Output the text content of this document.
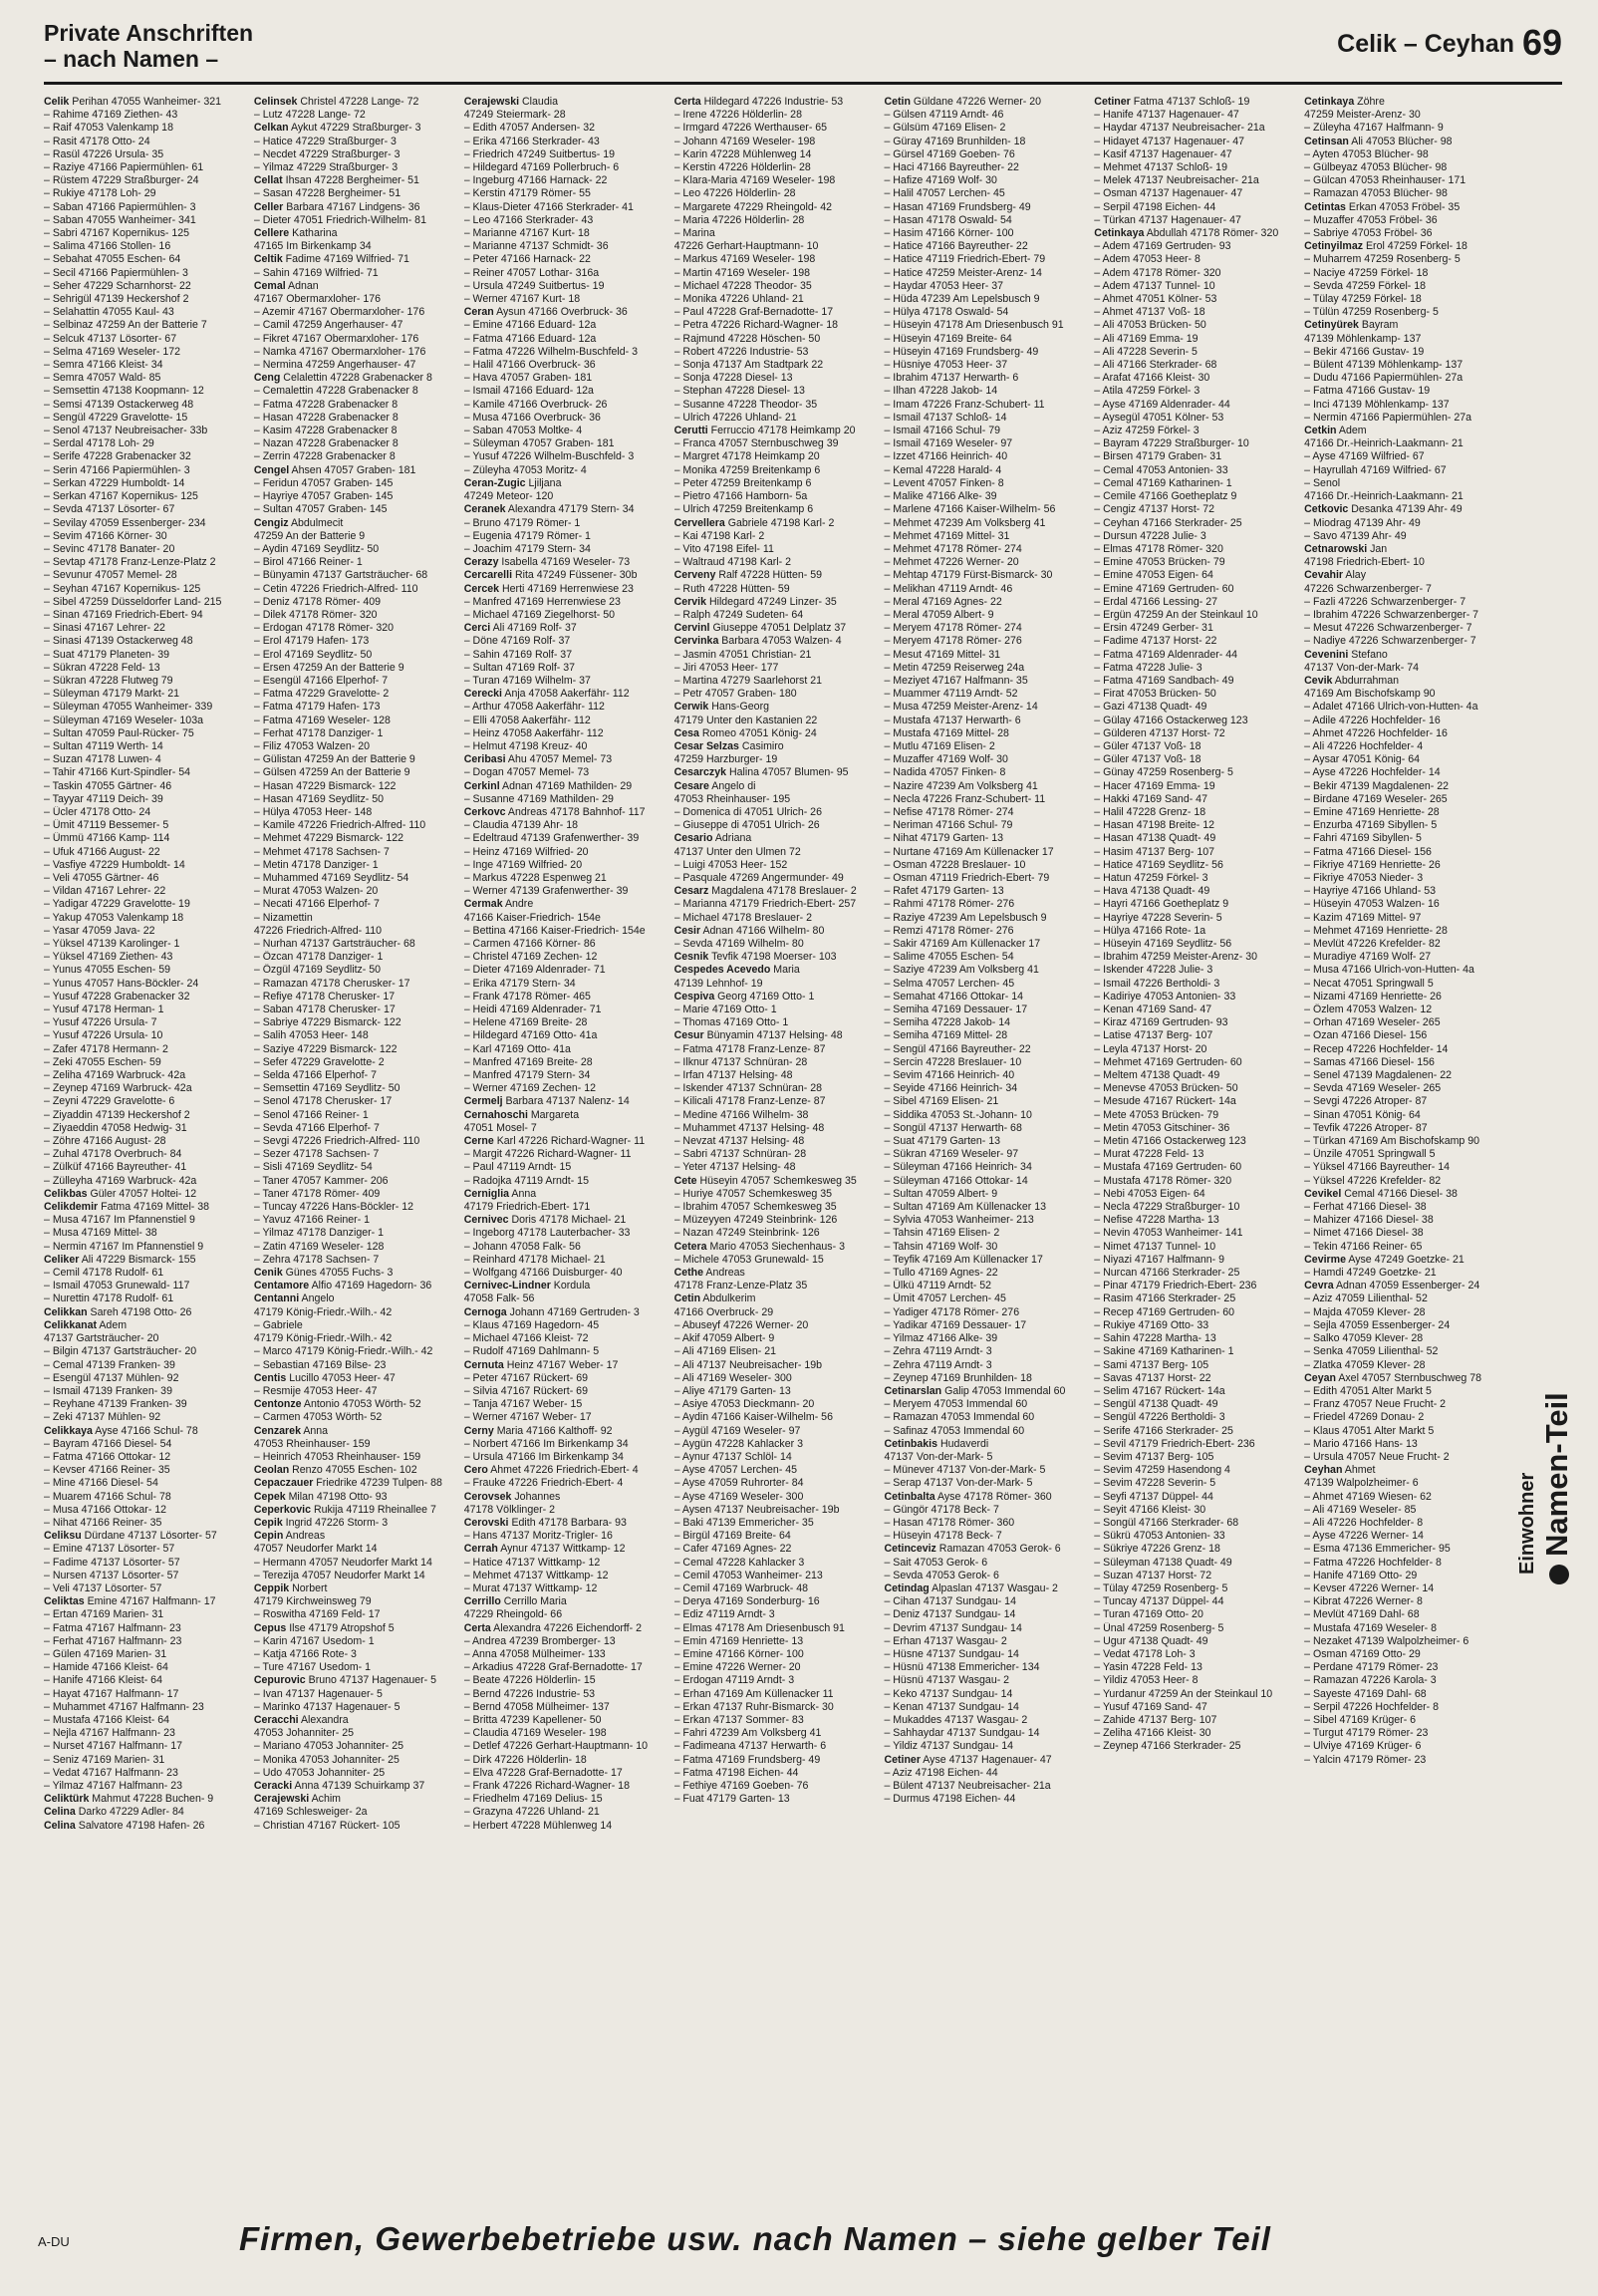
Private Anschriften
– nach Namen –
Celik – Ceyhan 69
Celik Perihan 47055 Wanheimer- 321
– Rahime 47169 Ziethen- 43
– Raif 47053 Valenkamp 18
– Rasit 47178 Otto- 24
– Rasül 47226 Ursula- 35
– Raziye 47166 Papiermühlen- 61
– Rüstem 47229 Straßburger- 24
– Rukiye 47178 Loh- 29
– Saban 47166 Papiermühlen- 3
– Saban 47055 Wanheimer- 341
– Sabri 47167 Kopernikus- 125
– Salima 47166 Stollen- 16
– Sebahat 47055 Eschen- 64
– Secil 47166 Papiermühlen- 3
– Seher 47229 Scharnhorst- 22
– Sehrigül 47139 Heckershof 2
– Selahattin 47055 Kaul- 43
– Selbinaz 47259 An der Batterie 7
– Selcuk 47137 Lösorter- 67
– Selma 47169 Weseler- 172
– Semra 47166 Kleist- 34
– Semra 47057 Wald- 85
– Semsettin 47138 Koopmann- 12
– Semsi 47139 Ostackerweg 48
– Sengül 47229 Gravelotte- 15
– Senol 47137 Neubreisacher- 33b
– Serdal 47178 Loh- 29
– Serife 47228 Grabenacker 32
– Serin 47166 Papiermühlen- 3
– Serkan 47229 Humboldt- 14
– Serkan 47167 Kopernikus- 125
– Sevda 47137 Lösorter- 67
– Sevilay 47059 Essenberger- 234
– Sevim 47166 Körner- 30
– Sevinc 47178 Banater- 20
– Sevtap 47178 Franz-Lenze-Platz 2
– Sevunur 47057 Memel- 28
– Seyhan 47167 Kopernikus- 125
– Sibel 47259 Düsseldorfer Land- 215
– Sinan 47169 Friedrich-Ebert- 94
– Sinasi 47167 Lehrer- 22
– Sinasi 47139 Ostackerweg 48
– Suat 47179 Planeten- 39
– Sükran 47228 Feld- 13
– Sükran 47228 Flutweg 79
– Süleyman 47179 Markt- 21
– Süleyman 47055 Wanheimer- 339
– Süleyman 47169 Weseler- 103a
– Sultan 47059 Paul-Rücker- 75
– Sultan 47119 Werth- 14
– Suzan 47178 Luwen- 4
– Tahir 47166 Kurt-Spindler- 54
– Taskin 47055 Gärtner- 46
– Tayyar 47119 Deich- 39
– Ücler 47178 Otto- 24
– Ümit 47119 Bessemer- 5
– Ümmü 47166 Kamp- 114
– Ufuk 47166 August- 22
– Vasfiye 47229 Humboldt- 14
– Veli 47055 Gärtner- 46
– Vildan 47167 Lehrer- 22
– Yadigar 47229 Gravelotte- 19
– Yakup 47053 Valenkamp 18
– Yasar 47059 Java- 22
– Yüksel 47139 Karolinger- 1
– Yüksel 47169 Ziethen- 43
– Yunus 47055 Eschen- 59
– Yunus 47057 Hans-Böckler- 24
– Yusuf 47228 Grabenacker 32
– Yusuf 47178 Herman- 1
– Yusuf 47226 Ursula- 7
– Yusuf 47226 Ursula- 10
– Zafer 47178 Hermann- 2
– Zeki 47055 Eschen- 59
– Zeliha 47169 Warbruck- 42a
– Zeynep 47169 Warbruck- 42a
– Zeyni 47229 Gravelotte- 6
– Ziyaddin 47139 Heckershof 2
– Ziyaeddin 47058 Hedwig- 31
– Zöhre 47166 August- 28
– Zuhal 47178 Overbruch- 84
– Zülküf 47166 Bayreuther- 41
– Zülleyha 47169 Warbruck- 42a
Celikbas Güler 47057 Holtei- 12
Celikdemir Fatma 47169 Mittel- 38
– Musa 47167 Im Pfannenstiel 9
– Musa 47169 Mittel- 38
– Nermin 47167 Im Pfannenstiel 9
Celiker Ali 47229 Bismarck- 155
– Cemil 47178 Rudolf- 61
– Ismail 47053 Grunewald- 117
– Nurettin 47178 Rudolf- 61
Celikkan Sareh 47198 Otto- 26
Celikkanat Adem
47137 Gartsträucher- 20
– Bilgin 47137 Gartsträucher- 20
– Cemal 47139 Franken- 39
– Esengül 47137 Mühlen- 92
– Ismail 47139 Franken- 39
– Reyhane 47139 Franken- 39
– Zeki 47137 Mühlen- 92
Celikkaya Ayse 47166 Schul- 78
– Bayram 47166 Diesel- 54
– Fatma 47166 Ottokar- 12
– Kevser 47166 Reiner- 35
– Mine 47166 Diesel- 54
– Muarem 47166 Schul- 78
– Musa 47166 Ottokar- 12
– Nihat 47166 Reiner- 35
Celiksu Dürdane 47137 Lösorter- 57
– Emine 47137 Lösorter- 57
– Fadime 47137 Lösorter- 57
– Nursen 47137 Lösorter- 57
– Veli 47137 Lösorter- 57
Celiktas Emine 47167 Halfmann- 17
– Ertan 47169 Marien- 31
– Fatma 47167 Halfmann- 23
– Ferhat 47167 Halfmann- 23
– Gülen 47169 Marien- 31
– Hamide 47166 Kleist- 64
– Hanife 47166 Kleist- 64
– Hayat 47167 Halfmann- 17
– Muhammet 47167 Halfmann- 23
– Mustafa 47166 Kleist- 64
– Nejla 47167 Halfmann- 23
– Nurset 47167 Halfmann- 17
– Seniz 47169 Marien- 31
– Vedat 47167 Halfmann- 23
– Yilmaz 47167 Halfmann- 23
Celiktürk Mahmut 47228 Buchen- 9
Celina Darko 47229 Adler- 84
Celina Salvatore 47198 Hafen- 26
Celinsek Christel 47228 Lange- 72
– Lutz 47228 Lange- 72
Celkan Aykut 47229 Straßburger- 3
– Hatice 47229 Straßburger- 3
– Necdet 47229 Straßburger- 3
– Yilmaz 47229 Straßburger- 3
Cellat Ihsan 47228 Bergheimer- 51
– Sasan 47228 Bergheimer- 51
Celler Barbara 47167 Lindgens- 36
– Dieter 47051 Friedrich-Wilhelm- 81
Cellere Katharina
47165 Im Birkenkamp 34
Celtik Fadime 47169 Wilfried- 71
– Sahin 47169 Wilfried- 71
Cemal Adnan
47167 Obermarxloher- 176
– Azemir 47167 Obermarxloher- 176
– Camil 47259 Angerhauser- 47
– Fikret 47167 Obermarxloher- 176
– Namka 47167 Obermarxloher- 176
– Nermina 47259 Angerhauser- 47
Ceng Celalettin 47228 Grabenacker 8
– Cemalettin 47228 Grabenacker 8
– Fatma 47228 Grabenacker 8
– Hasan 47228 Grabenacker 8
– Kasim 47228 Grabenacker 8
– Nazan 47228 Grabenacker 8
– Zerrin 47228 Grabenacker 8
Cengel Ahsen 47057 Graben- 181
– Feridun 47057 Graben- 145
– Hayriye 47057 Graben- 145
– Sultan 47057 Graben- 145
Cengiz Abdulmecit
47259 An der Batterie 9
– Aydin 47169 Seydlitz- 50
– Birol 47166 Reiner- 1
– Bünyamin 47137 Gartsträucher- 68
– Cetin 47226 Friedrich-Alfred- 110
– Deniz 47178 Römer- 409
– Dilek 47178 Römer- 320
– Erdogan 47178 Römer- 320
– Erol 47179 Hafen- 173
– Erol 47169 Seydlitz- 50
– Ersen 47259 An der Batterie 9
– Esengül 47166 Elperhof- 7
– Fatma 47229 Gravelotte- 2
– Fatma 47179 Hafen- 173
– Fatma 47169 Weseler- 128
– Ferhat 47178 Danziger- 1
– Filiz 47053 Walzen- 20
– Gülistan 47259 An der Batterie 9
– Gülsen 47259 An der Batterie 9
– Hasan 47229 Bismarck- 122
– Hasan 47169 Seydlitz- 50
– Hülya 47053 Heer- 148
– Kamile 47226 Friedrich-Alfred- 110
– Mehmet 47229 Bismarck- 122
– Mehmet 47178 Sachsen- 7
– Metin 47178 Danziger- 1
– Muhammed 47169 Seydlitz- 54
– Murat 47053 Walzen- 20
– Necati 47166 Elperhof- 7
– Nizamettin
47226 Friedrich-Alfred- 110
– Nurhan 47137 Gartsträucher- 68
– Özcan 47178 Danziger- 1
– Özgül 47169 Seydlitz- 50
– Ramazan 47178 Cherusker- 17
– Refiye 47178 Cherusker- 17
– Saban 47178 Cherusker- 17
– Sabriye 47229 Bismarck- 122
– Salih 47053 Heer- 148
– Saziye 47229 Bismarck- 122
– Sefer 47229 Gravelotte- 2
– Selda 47166 Elperhof- 7
– Semsettin 47169 Seydlitz- 50
– Senol 47178 Cherusker- 17
– Senol 47166 Reiner- 1
– Sevda 47166 Elperhof- 7
– Sevgi 47226 Friedrich-Alfred- 110
– Sezer 47178 Sachsen- 7
– Sisli 47169 Seydlitz- 54
– Taner 47057 Kammer- 206
– Taner 47178 Römer- 409
– Tuncay 47226 Hans-Böckler- 12
– Yavuz 47166 Reiner- 1
– Yilmaz 47178 Danziger- 1
– Zatin 47169 Weseler- 128
– Zehra 47178 Sachsen- 7
Cenik Günes 47055 Fuchs- 3
Centamore Alfio 47169 Hagedorn- 36
Centanni Angelo
47179 König-Friedr.-Wilh.- 42
– Gabriele
47179 König-Friedr.-Wilh.- 42
– Marco 47179 König-Friedr.-Wilh.- 42
– Sebastian 47169 Bilse- 23
Centis Lucillo 47053 Heer- 47
– Resmije 47053 Heer- 47
Centonze Antonio 47053 Wörth- 52
– Carmen 47053 Wörth- 52
Cenzarek Anna
47053 Rheinhauser- 159
– Heinrich 47053 Rheinhauser- 159
Ceolan Renzo 47055 Eschen- 102
Cepaczauer Friedrike 47239 Tulpen- 88
Cepek Milan 47198 Otto- 93
Ceperkovic Rukija 47119 Rheinallee 7
Cepik Ingrid 47226 Storm- 3
Cepin Andreas
47057 Neudorfer Markt 14
– Hermann 47057 Neudorfer Markt 14
– Terezija 47057 Neudorfer Markt 14
Ceppik Norbert
47179 Kirchweinsweg 79
– Roswitha 47169 Feld- 17
Cepus Ilse 47179 Atropshof 5
– Karin 47167 Usedom- 1
– Katja 47166 Rote- 3
– Ture 47167 Usedom- 1
Cepurovic Bruno 47137 Hagenauer- 5
– Ivan 47137 Hagenauer- 5
– Marinko 47137 Hagenauer- 5
Ceracchi Alexandra
47053 Johanniter- 25
– Mariano 47053 Johanniter- 25
– Monika 47053 Johanniter- 25
– Udo 47053 Johanniter- 25
Ceracki Anna 47139 Schuirkamp 37
Cerajewski Achim
47169 Schlesweiger- 2a
– Christian 47167 Rückert- 105
Cerajewski Claudia
47249 Steiermark- 28
– Edith 47057 Andersen- 32
– Erika 47166 Sterkrader- 43
– Friedrich 47249 Suitbertus- 19
– Hildegard 47169 Pollerbruch- 6
– Ingeburg 47166 Harnack- 22
– Kerstin 47179 Römer- 55
– Klaus-Dieter 47166 Sterkrader- 41
– Leo 47166 Sterkrader- 43
– Marianne 47167 Kurt- 18
– Marianne 47137 Schmidt- 36
– Peter 47166 Harnack- 22
– Reiner 47057 Lothar- 316a
– Ursula 47249 Suitbertus- 19
– Werner 47167 Kurt- 18
Ceran Aysun 47166 Overbruck- 36
– Emine 47166 Eduard- 12a
– Fatma 47166 Eduard- 12a
– Fatma 47226 Wilhelm-Buschfeld- 3
– Halil 47166 Overbruck- 36
– Hava 47057 Graben- 181
– Ismail 47166 Eduard- 12a
– Kamile 47166 Overbruck- 26
– Musa 47166 Overbruck- 36
– Saban 47053 Moltke- 4
– Süleyman 47057 Graben- 181
– Yusuf 47226 Wilhelm-Buschfeld- 3
– Züleyha 47053 Moritz- 4
Ceran-Zugic Ljiljana
47249 Meteor- 120
Ceranek Alexandra 47179 Stern- 34
– Bruno 47179 Römer- 1
– Eugenia 47179 Römer- 1
– Joachim 47179 Stern- 34
Cerazy Isabella 47169 Weseler- 73
Cercarelli Rita 47249 Füssener- 30b
Cercek Herti 47169 Herrenwiese 23
– Manfred 47169 Herrenwiese 23
– Michael 47169 Ziegelhorst- 50
Cerci Ali 47169 Rolf- 37
– Döne 47169 Rolf- 37
– Sahin 47169 Rolf- 37
– Sultan 47169 Rolf- 37
– Turan 47169 Wilhelm- 37
Cerecki Anja 47058 Aakerfähr- 112
– Arthur 47058 Aakerfähr- 112
– Elli 47058 Aakerfähr- 112
– Heinz 47058 Aakerfähr- 112
– Helmut 47198 Kreuz- 40
Ceribasi Ahu 47057 Memel- 73
– Dogan 47057 Memel- 73
Cerkinl Adnan 47169 Mathilden- 29
– Susanne 47169 Mathilden- 29
Cerkovc Andreas 47178 Bahnhof- 117
– Claudia 47139 Ahr- 18
– Edeltraud 47139 Grafenwerther- 39
– Heinz 47169 Wilfried- 20
– Inge 47169 Wilfried- 20
– Markus 47228 Espenweg 21
– Werner 47139 Grafenwerther- 39
Cermak Andre
47166 Kaiser-Friedrich- 154e
– Bettina 47166 Kaiser-Friedrich- 154e
– Carmen 47166 Körner- 86
– Christel 47169 Zechen- 12
– Dieter 47169 Aldenrader- 71
– Erika 47179 Stern- 34
– Frank 47178 Römer- 465
– Heidi 47169 Aldenrader- 71
– Helene 47169 Breite- 28
– Hildegard 47169 Otto- 41a
– Karl 47169 Otto- 41a
– Manfred 47169 Breite- 28
– Manfred 47179 Stern- 34
– Werner 47169 Zechen- 12
Cermelj Barbara 47137 Nalenz- 14
Cernahoschi Margareta
47051 Mosel- 7
Cerne Karl 47226 Richard-Wagner- 11
– Margit 47226 Richard-Wagner- 11
– Paul 47119 Arndt- 15
– Radojka 47119 Arndt- 15
Cerniglia Anna
47179 Friedrich-Ebert- 171
Cernivec Doris 47178 Michael- 21
– Ingeborg 47178 Lauterbacher- 33
– Johann 47058 Falk- 56
– Reinhard 47178 Michael- 21
– Wolfgang 47166 Duisburger- 40
Cernivec-Lindner Kordula
47058 Falk- 56
Cernoga Johann 47169 Gertruden- 3
– Klaus 47169 Hagedorn- 45
– Michael 47166 Kleist- 72
– Rudolf 47169 Dahlmann- 5
Cernuta Heinz 47167 Weber- 17
– Peter 47167 Rückert- 69
– Silvia 47167 Rückert- 69
– Tanja 47167 Weber- 15
– Werner 47167 Weber- 17
Cerny Maria 47166 Kalthoff- 92
– Norbert 47166 Im Birkenkamp 34
– Ursula 47166 Im Birkenkamp 34
Cero Ahmet 47226 Friedrich-Ebert- 4
– Frauke 47226 Friedrich-Ebert- 4
Cerovsek Johannes
47178 Völklinger- 2
Cerovski Edith 47178 Barbara- 93
– Hans 47137 Moritz-Trigler- 16
Cerrah Aynur 47137 Wittkamp- 12
– Hatice 47137 Wittkamp- 12
– Mehmet 47137 Wittkamp- 12
– Murat 47137 Wittkamp- 12
Cerrillo Cerrillo Maria
47229 Rheingold- 66
Certa Alexandra 47226 Eichendorff- 2
– Andrea 47239 Bromberger- 13
– Anna 47058 Mülheimer- 133
– Arkadius 47228 Graf-Bernadotte- 17
– Beate 47226 Hölderlin- 15
– Bernd 47226 Industrie- 53
– Bernd 47058 Mülheimer- 137
– Britta 47239 Kapellener- 50
– Claudia 47169 Weseler- 198
– Detlef 47226 Gerhart-Hauptmann- 10
– Dirk 47226 Hölderlin- 18
– Elva 47228 Graf-Bernadotte- 17
– Frank 47226 Richard-Wagner- 18
– Friedhelm 47169 Delius- 15
– Grazyna 47226 Uhland- 21
– Herbert 47228 Mühlenweg 14
Certa Hildegard 47226 Industrie- 53
– Irene 47226 Hölderlin- 28
– Irmgard 47226 Werthauser- 65
– Johann 47169 Weseler- 198
– Karin 47228 Mühlenweg 14
– Kerstin 47226 Hölderlin- 28
– Klara-Maria 47169 Weseler- 198
– Leo 47226 Hölderlin- 28
– Margarete 47229 Rheingold- 42
– Maria 47226 Hölderlin- 28
– Marina
47226 Gerhart-Hauptmann- 10
– Markus 47169 Weseler- 198
– Martin 47169 Weseler- 198
– Michael 47228 Theodor- 35
– Monika 47226 Uhland- 21
– Paul 47228 Graf-Bernadotte- 17
– Petra 47226 Richard-Wagner- 18
– Rajmund 47228 Höschen- 50
– Robert 47226 Industrie- 53
– Sonja 47137 Am Stadtpark 22
– Sonja 47228 Diesel- 13
– Stephan 47228 Diesel- 13
– Susanne 47228 Theodor- 35
– Ulrich 47226 Uhland- 21
Cerutti Ferruccio 47178 Heimkamp 20
– Franca 47057 Sternbuschweg 39
– Margret 47178 Heimkamp 20
– Monika 47259 Breitenkamp 6
– Peter 47259 Breitenkamp 6
– Pietro 47166 Hamborn- 5a
– Ulrich 47259 Breitenkamp 6
Cervellera Gabriele 47198 Karl- 2
– Kai 47198 Karl- 2
– Vito 47198 Eifel- 11
– Waltraud 47198 Karl- 2
Cerveny Ralf 47228 Hütten- 59
– Ruth 47228 Hütten- 59
Cervik Hildegard 47249 Linzer- 35
– Ralph 47249 Sudeten- 64
Cervinl Giuseppe 47051 Delplatz 37
Cervinka Barbara 47053 Walzen- 4
– Jasmin 47051 Christian- 21
– Jiri 47053 Heer- 177
– Martina 47279 Saarlehorst 21
– Petr 47057 Graben- 180
Cerwik Hans-Georg
47179 Unter den Kastanien 22
Cesa Romeo 47051 König- 24
Cesar Selzas Casimiro
47259 Harzburger- 19
Cesarczyk Halina 47057 Blumen- 95
Cesare Angelo di
47053 Rheinhauser- 195
– Domenica di 47051 Ulrich- 26
– Giuseppe di 47051 Ulrich- 26
Cesario Adriana
47137 Unter den Ulmen 72
– Luigi 47053 Heer- 152
– Pasquale 47269 Angermunder- 49
Cesarz Magdalena 47178 Breslauer- 2
– Marianna 47179 Friedrich-Ebert- 257
– Michael 47178 Breslauer- 2
Cesir Adnan 47166 Wilhelm- 80
– Sevda 47169 Wilhelm- 80
Cesnik Tevfik 47198 Moerser- 103
Cespedes Acevedo Maria
47139 Lehnhof- 19
Cespiva Georg 47169 Otto- 1
– Marie 47169 Otto- 1
– Thomas 47169 Otto- 1
Cesur Bünyamin 47137 Helsing- 48
– Fatma 47178 Franz-Lenze- 87
– Ilknur 47137 Schnüran- 28
– Irfan 47137 Helsing- 48
– Iskender 47137 Schnüran- 28
– Kilicali 47178 Franz-Lenze- 87
– Medine 47166 Wilhelm- 38
– Muhammet 47137 Helsing- 48
– Nevzat 47137 Helsing- 48
– Sabri 47137 Schnüran- 28
– Yeter 47137 Helsing- 48
Cete Hüseyin 47057 Schemkesweg 35
– Huriye 47057 Schemkesweg 35
– Ibrahim 47057 Schemkesweg 35
– Müzeyyen 47249 Steinbrink- 126
– Nazan 47249 Steinbrink- 126
Cetera Mario 47053 Siechenhaus- 3
– Michele 47053 Grunewald- 15
Cethe Andreas
47178 Franz-Lenze-Platz 35
Cetin Abdulkerim
47166 Overbruck- 29
– Abuseyf 47226 Werner- 20
– Akif 47059 Albert- 9
– Ali 47169 Elisen- 21
– Ali 47137 Neubreisacher- 19b
– Ali 47169 Weseler- 300
– Aliye 47179 Garten- 13
– Asiye 47053 Dieckmann- 20
– Aydin 47166 Kaiser-Wilhelm- 56
– Aygül 47169 Weseler- 97
– Aygün 47228 Kahlacker 3
– Aynur 47137 Schlöl- 14
– Ayse 47057 Lerchen- 45
– Ayse 47059 Ruhrorter- 84
– Ayse 47169 Weseler- 300
– Aysen 47137 Neubreisacher- 19b
– Baki 47139 Emmericher- 35
– Birgül 47169 Breite- 64
– Cafer 47169 Agnes- 22
– Cemal 47228 Kahlacker 3
– Cemil 47053 Wanheimer- 213
– Cemil 47169 Warbruck- 48
– Derya 47169 Sonderburg- 16
– Ediz 47119 Arndt- 3
– Elmas 47178 Am Driesenbusch 91
– Emin 47169 Henriette- 13
– Emine 47166 Körner- 100
– Emine 47226 Werner- 20
– Erdogan 47119 Arndt- 3
– Erhan 47169 Am Küllenacker 11
– Erkan 47137 Ruhr-Bismarck- 30
– Erkan 47137 Sommer- 83
– Fahri 47239 Am Volksberg 41
– Fadimeana 47137 Herwarth- 6
– Fatma 47169 Frundsberg- 49
– Fatma 47198 Eichen- 44
– Fethiye 47169 Goeben- 76
– Fuat 47179 Garten- 13
Cetin Güldane 47226 Werner- 20
– Gülsen 47119 Arndt- 46
– Gülsüm 47169 Elisen- 2
– Güray 47169 Brunhilden- 18
– Gürsel 47169 Goeben- 76
– Haci 47166 Bayreuther- 22
– Hafize 47169 Wolf- 30
– Halil 47057 Lerchen- 45
– Hasan 47169 Frundsberg- 49
– Hasan 47178 Oswald- 54
– Hasim 47166 Körner- 100
– Hatice 47166 Bayreuther- 22
– Hatice 47119 Friedrich-Ebert- 79
– Hatice 47259 Meister-Arenz- 14
– Haydar 47053 Heer- 37
– Hüda 47239 Am Lepelsbusch 9
– Hülya 47178 Oswald- 54
– Hüseyin 47178 Am Driesenbusch 91
– Hüseyin 47169 Breite- 64
– Hüseyin 47169 Frundsberg- 49
– Hüsniye 47053 Heer- 37
– Ibrahim 47137 Herwarth- 6
– Ilhan 47228 Jakob- 14
– Imam 47226 Franz-Schubert- 11
– Ismail 47137 Schloß- 14
– Ismail 47166 Schul- 79
– Ismail 47169 Weseler- 97
– Izzet 47166 Heinrich- 40
– Kemal 47228 Harald- 4
– Levent 47057 Finken- 8
– Malike 47166 Alke- 39
– Marlene 47166 Kaiser-Wilhelm- 56
– Mehmet 47239 Am Volksberg 41
– Mehmet 47169 Mittel- 31
– Mehmet 47178 Römer- 274
– Mehmet 47226 Werner- 20
– Mehtap 47179 Fürst-Bismarck- 30
– Melikhan 47119 Arndt- 46
– Meral 47169 Agnes- 22
– Meral 47059 Albert- 9
– Meryem 47178 Römer- 274
– Meryem 47178 Römer- 276
– Mesut 47169 Mittel- 31
– Metin 47259 Reiserweg 24a
– Meziyet 47167 Halfmann- 35
– Muammer 47119 Arndt- 52
– Musa 47259 Meister-Arenz- 14
– Mustafa 47137 Herwarth- 6
– Mustafa 47169 Mittel- 28
– Mutlu 47169 Elisen- 2
– Muzaffer 47169 Wolf- 30
– Nadida 47057 Finken- 8
– Nazire 47239 Am Volksberg 41
– Necla 47226 Franz-Schubert- 11
– Nefise 47178 Römer- 274
– Neriman 47166 Schul- 79
– Nihat 47179 Garten- 13
– Nurtane 47169 Am Küllenacker 17
– Osman 47228 Breslauer- 10
– Osman 47119 Friedrich-Ebert- 79
– Rafet 47179 Garten- 13
– Rahmi 47178 Römer- 276
– Raziye 47239 Am Lepelsbusch 9
– Remzi 47178 Römer- 276
– Sakir 47169 Am Küllenacker 17
– Salime 47055 Eschen- 54
– Saziye 47239 Am Volksberg 41
– Selma 47057 Lerchen- 45
– Semahat 47166 Ottokar- 14
– Semiha 47169 Dessauer- 17
– Semiha 47228 Jakob- 14
– Semiha 47169 Mittel- 28
– Sengül 47166 Bayreuther- 22
– Sercin 47228 Breslauer- 10
– Sevim 47166 Heinrich- 40
– Seyide 47166 Heinrich- 34
– Sibel 47169 Elisen- 21
– Siddika 47053 St.-Johann- 10
– Songül 47137 Herwarth- 68
– Suat 47179 Garten- 13
– Sükran 47169 Weseler- 97
– Süleyman 47166 Heinrich- 34
– Süleyman 47166 Ottokar- 14
– Sultan 47059 Albert- 9
– Sultan 47169 Am Küllenacker 13
– Sylvia 47053 Wanheimer- 213
– Tahsin 47169 Elisen- 2
– Tahsin 47169 Wolf- 30
– Teyfik 47169 Am Küllenacker 17
– Tullo 47169 Agnes- 22
– Ülkü 47119 Arndt- 52
– Ümit 47057 Lerchen- 45
– Yadiger 47178 Römer- 276
– Yadikar 47169 Dessauer- 17
– Yilmaz 47166 Alke- 39
– Zehra 47119 Arndt- 3
– Zehra 47119 Arndt- 3
– Zeynep 47169 Brunhilden- 18
Cetinarslan Galip 47053 Immendal 60
– Meryem 47053 Immendal 60
– Ramazan 47053 Immendal 60
– Safinaz 47053 Immendal 60
Cetinbakis Hudaverdi
47137 Von-der-Mark- 5
– Münever 47137 Von-der-Mark- 5
– Serap 47137 Von-der-Mark- 5
Cetinbalta Ayse 47178 Römer- 360
– Güngör 47178 Beck- 7
– Hasan 47178 Römer- 360
– Hüseyin 47178 Beck- 7
Cetinceviz Ramazan 47053 Gerok- 6
– Sait 47053 Gerok- 6
– Sevda 47053 Gerok- 6
Cetindag Alpaslan 47137 Wasgau- 2
– Cihan 47137 Sundgau- 14
– Deniz 47137 Sundgau- 14
– Devrim 47137 Sundgau- 14
– Erhan 47137 Wasgau- 2
– Hüsne 47137 Sundgau- 14
– Hüsnü 47138 Emmericher- 134
– Hüsnü 47137 Wasgau- 2
– Keko 47137 Sundgau- 14
– Kenan 47137 Sundgau- 14
– Mukaddes 47137 Wasgau- 2
– Sahhaydar 47137 Sundgau- 14
– Yildiz 47137 Sundgau- 14
Cetiner Ayse 47137 Hagenauer- 47
– Aziz 47198 Eichen- 44
– Bülent 47137 Neubreisacher- 21a
– Durmus 47198 Eichen- 44
Cetiner Fatma 47137 Schloß- 19
– Hanife 47137 Hagenauer- 47
– Haydar 47137 Neubreisacher- 21a
– Hidayet 47137 Hagenauer- 47
– Kasif 47137 Hagenauer- 47
– Mehmet 47137 Schloß- 19
– Melek 47137 Neubreisacher- 21a
– Osman 47137 Hagenauer- 47
– Serpil 47198 Eichen- 44
– Türkan 47137 Hagenauer- 47
Cetinkaya Abdullah 47178 Römer- 320
– Adem 47169 Gertruden- 93
– Adem 47053 Heer- 8
– Adem 47178 Römer- 320
– Adem 47137 Tunnel- 10
– Ahmet 47051 Kölner- 53
– Ahmet 47137 Voß- 18
– Ali 47053 Brücken- 50
– Ali 47169 Emma- 19
– Ali 47228 Severin- 5
– Ali 47166 Sterkrader- 68
– Arafat 47166 Kleist- 30
– Atila 47259 Förkel- 3
– Ayse 47169 Aldenrader- 44
– Aysegül 47051 Kölner- 53
– Aziz 47259 Förkel- 3
– Bayram 47229 Straßburger- 10
– Birsen 47179 Graben- 31
– Cemal 47053 Antonien- 33
– Cemal 47169 Katharinen- 1
– Cemile 47166 Goetheplatz 9
– Cengiz 47137 Horst- 72
– Ceyhan 47166 Sterkrader- 25
– Dursun 47228 Julie- 3
– Elmas 47178 Römer- 320
– Emine 47053 Brücken- 79
– Emine 47053 Eigen- 64
– Emine 47169 Gertruden- 60
– Erdal 47166 Lessing- 27
– Ergün 47259 An der Steinkaul 10
– Ersin 47249 Gerber- 31
– Fadime 47137 Horst- 22
– Fatma 47169 Aldenrader- 44
– Fatma 47228 Julie- 3
– Fatma 47169 Sandbach- 49
– Firat 47053 Brücken- 50
– Gazi 47138 Quadt- 49
– Gülay 47166 Ostackerweg 123
– Gülderen 47137 Horst- 72
– Güler 47137 Voß- 18
– Güler 47137 Voß- 18
– Günay 47259 Rosenberg- 5
– Hacer 47169 Emma- 19
– Hakki 47169 Sand- 47
– Halil 47228 Grenz- 18
– Hasan 47198 Breite- 12
– Hasan 47138 Quadt- 49
– Hasim 47137 Berg- 107
– Hatice 47169 Seydlitz- 56
– Hatun 47259 Förkel- 3
– Hava 47138 Quadt- 49
– Hayri 47166 Goetheplatz 9
– Hayriye 47228 Severin- 5
– Hülya 47166 Rote- 1a
– Hüseyin 47169 Seydlitz- 56
– Ibrahim 47259 Meister-Arenz- 30
– Iskender 47228 Julie- 3
– Ismail 47226 Bertholdi- 3
– Kadiriye 47053 Antonien- 33
– Kenan 47169 Sand- 47
– Kiraz 47169 Gertruden- 93
– Latise 47137 Berg- 107
– Leyla 47137 Horst- 20
– Mehmet 47169 Gertruden- 60
– Meltem 47138 Quadt- 49
– Menevse 47053 Brücken- 50
– Mesude 47167 Rückert- 14a
– Mete 47053 Brücken- 79
– Metin 47053 Gitschiner- 36
– Metin 47166 Ostackerweg 123
– Murat 47228 Feld- 13
– Mustafa 47169 Gertruden- 60
– Mustafa 47178 Römer- 320
– Nebi 47053 Eigen- 64
– Necla 47229 Straßburger- 10
– Nefise 47228 Martha- 13
– Nevin 47053 Wanheimer- 141
– Nimet 47137 Tunnel- 10
– Niyazi 47167 Halfmann- 9
– Nurcan 47166 Sterkrader- 25
– Pinar 47179 Friedrich-Ebert- 236
– Rasim 47166 Sterkrader- 25
– Recep 47169 Gertruden- 60
– Rukiye 47169 Otto- 33
– Sahin 47228 Martha- 13
– Sakine 47169 Katharinen- 1
– Sami 47137 Berg- 105
– Savas 47137 Horst- 22
– Selim 47167 Rückert- 14a
– Sengül 47138 Quadt- 49
– Sengül 47226 Bertholdi- 3
– Serife 47166 Sterkrader- 25
– Sevil 47179 Friedrich-Ebert- 236
– Sevim 47137 Berg- 105
– Sevim 47259 Hasendong 4
– Sevim 47228 Severin- 5
– Seyfi 47137 Düppel- 44
– Seyit 47166 Kleist- 30
– Songül 47166 Sterkrader- 68
– Sükrü 47053 Antonien- 33
– Sükriye 47226 Grenz- 18
– Süleyman 47138 Quadt- 49
– Suzan 47137 Horst- 72
– Tülay 47259 Rosenberg- 5
– Tuncay 47137 Düppel- 44
– Turan 47169 Otto- 20
– Ünal 47259 Rosenberg- 5
– Ugur 47138 Quadt- 49
– Vedat 47178 Loh- 3
– Yasin 47228 Feld- 13
– Yildiz 47053 Heer- 8
– Yurdanur 47259 An der Steinkaul 10
– Yusuf 47169 Sand- 47
– Zahide 47137 Berg- 107
– Zeliha 47166 Kleist- 30
– Zeynep 47166 Sterkrader- 25
Cetinkaya Zöhre
47259 Meister-Arenz- 30
– Züleyha 47167 Halfmann- 9
Cetinsan Ali 47053 Blücher- 98
– Ayten 47053 Blücher- 98
– Gülbeyaz 47053 Blücher- 98
– Gülcan 47053 Rheinhauser- 171
– Ramazan 47053 Blücher- 98
Cetintas Erkan 47053 Fröbel- 35
– Muzaffer 47053 Fröbel- 36
– Sabriye 47053 Fröbel- 36
Cetinyilmaz Erol 47259 Förkel- 18
– Muharrem 47259 Rosenberg- 5
– Naciye 47259 Förkel- 18
– Sevda 47259 Förkel- 18
– Tülay 47259 Förkel- 18
– Tülün 47259 Rosenberg- 5
Cetinyürek Bayram
47139 Möhlenkamp- 137
– Bekir 47166 Gustav- 19
– Bülent 47139 Möhlenkamp- 137
– Dudu 47166 Papiermühlen- 27a
– Fatma 47166 Gustav- 19
– Inci 47139 Möhlenkamp- 137
– Nermin 47166 Papiermühlen- 27a
Cetkin Adem
47166 Dr.-Heinrich-Laakmann- 21
– Ayse 47169 Wilfried- 67
– Hayrullah 47169 Wilfried- 67
– Senol
47166 Dr.-Heinrich-Laakmann- 21
Cetkovic Desanka 47139 Ahr- 49
– Miodrag 47139 Ahr- 49
– Savo 47139 Ahr- 49
Cetnarowski Jan
47198 Friedrich-Ebert- 10
Cevahir Alay
47226 Schwarzenberger- 7
– Fazli 47226 Schwarzenberger- 7
– Ibrahim 47226 Schwarzenberger- 7
– Mesut 47226 Schwarzenberger- 7
– Nadiye 47226 Schwarzenberger- 7
Cevenini Stefano
47137 Von-der-Mark- 74
Cevik Abdurrahman
47169 Am Bischofskamp 90
– Adalet 47166 Ulrich-von-Hutten- 4a
– Adile 47226 Hochfelder- 16
– Ahmet 47226 Hochfelder- 16
– Ali 47226 Hochfelder- 4
– Aysar 47051 König- 64
– Ayse 47226 Hochfelder- 14
– Bekir 47139 Magdalenen- 22
– Birdane 47169 Weseler- 265
– Emine 47169 Henriette- 28
– Enzurba 47169 Sibyllen- 5
– Fahri 47169 Sibyllen- 5
– Fatma 47166 Diesel- 156
– Fikriye 47169 Henriette- 26
– Fikriye 47053 Nieder- 3
– Hayriye 47166 Uhland- 53
– Hüseyin 47053 Walzen- 16
– Kazim 47169 Mittel- 97
– Mehmet 47169 Henriette- 28
– Mevlüt 47226 Krefelder- 82
– Muradiye 47169 Wolf- 27
– Musa 47166 Ulrich-von-Hutten- 4a
– Necat 47051 Springwall 5
– Nizami 47169 Henriette- 26
– Özlem 47053 Walzen- 12
– Orhan 47169 Weseler- 265
– Ozan 47166 Diesel- 156
– Recep 47226 Hochfelder- 14
– Samas 47166 Diesel- 156
– Senel 47139 Magdalenen- 22
– Sevda 47169 Weseler- 265
– Sevgi 47226 Atroper- 87
– Sinan 47051 König- 64
– Tevfik 47226 Atroper- 87
– Türkan 47169 Am Bischofskamp 90
– Ünzile 47051 Springwall 5
– Yüksel 47166 Bayreuther- 14
– Yüksel 47226 Krefelder- 82
Cevikel Cemal 47166 Diesel- 38
– Ferhat 47166 Diesel- 38
– Mahizer 47166 Diesel- 38
– Nimet 47166 Diesel- 38
– Tekin 47166 Reiner- 65
Cevirme Ayse 47249 Goetzke- 21
– Hamdi 47249 Goetzke- 21
Cevra Adnan 47059 Essenberger- 24
– Aziz 47059 Lilienthal- 52
– Majda 47059 Klever- 28
– Sejla 47059 Essenberger- 24
– Salko 47059 Klever- 28
– Senka 47059 Lilienthal- 52
– Zlatka 47059 Klever- 28
Ceyan Axel 47057 Sternbuschweg 78
– Edith 47051 Alter Markt 5
– Franz 47057 Neue Frucht- 2
– Friedel 47269 Donau- 2
– Klaus 47051 Alter Markt 5
– Mario 47166 Hans- 13
– Ursula 47057 Neue Frucht- 2
Ceyhan Ahmet
47139 Walpolzheimer- 6
– Ahmet 47169 Wiesen- 62
– Ali 47169 Weseler- 85
– Ali 47226 Hochfelder- 8
– Ayse 47226 Werner- 14
– Esma 47136 Emmericher- 95
– Fatma 47226 Hochfelder- 8
– Hanife 47169 Otto- 29
– Kevser 47226 Werner- 14
– Kibrat 47226 Werner- 8
– Mevlüt 47169 Dahl- 68
– Mustafa 47169 Weseler- 8
– Nezaket 47139 Walpolzheimer- 6
– Osman 47169 Otto- 29
– Perdane 47179 Römer- 23
– Ramazan 47226 Karola- 3
– Sayeste 47169 Dahl- 68
– Serpil 47226 Hochfelder- 8
– Sibel 47169 Krüger- 6
– Turgut 47179 Römer- 23
– Ulviye 47169 Krüger- 6
– Yalcin 47179 Römer- 23
Einwohner Namen-Teil
A-DU	Firmen, Gewerbebetriebe usw. nach Namen – siehe gelber Teil
